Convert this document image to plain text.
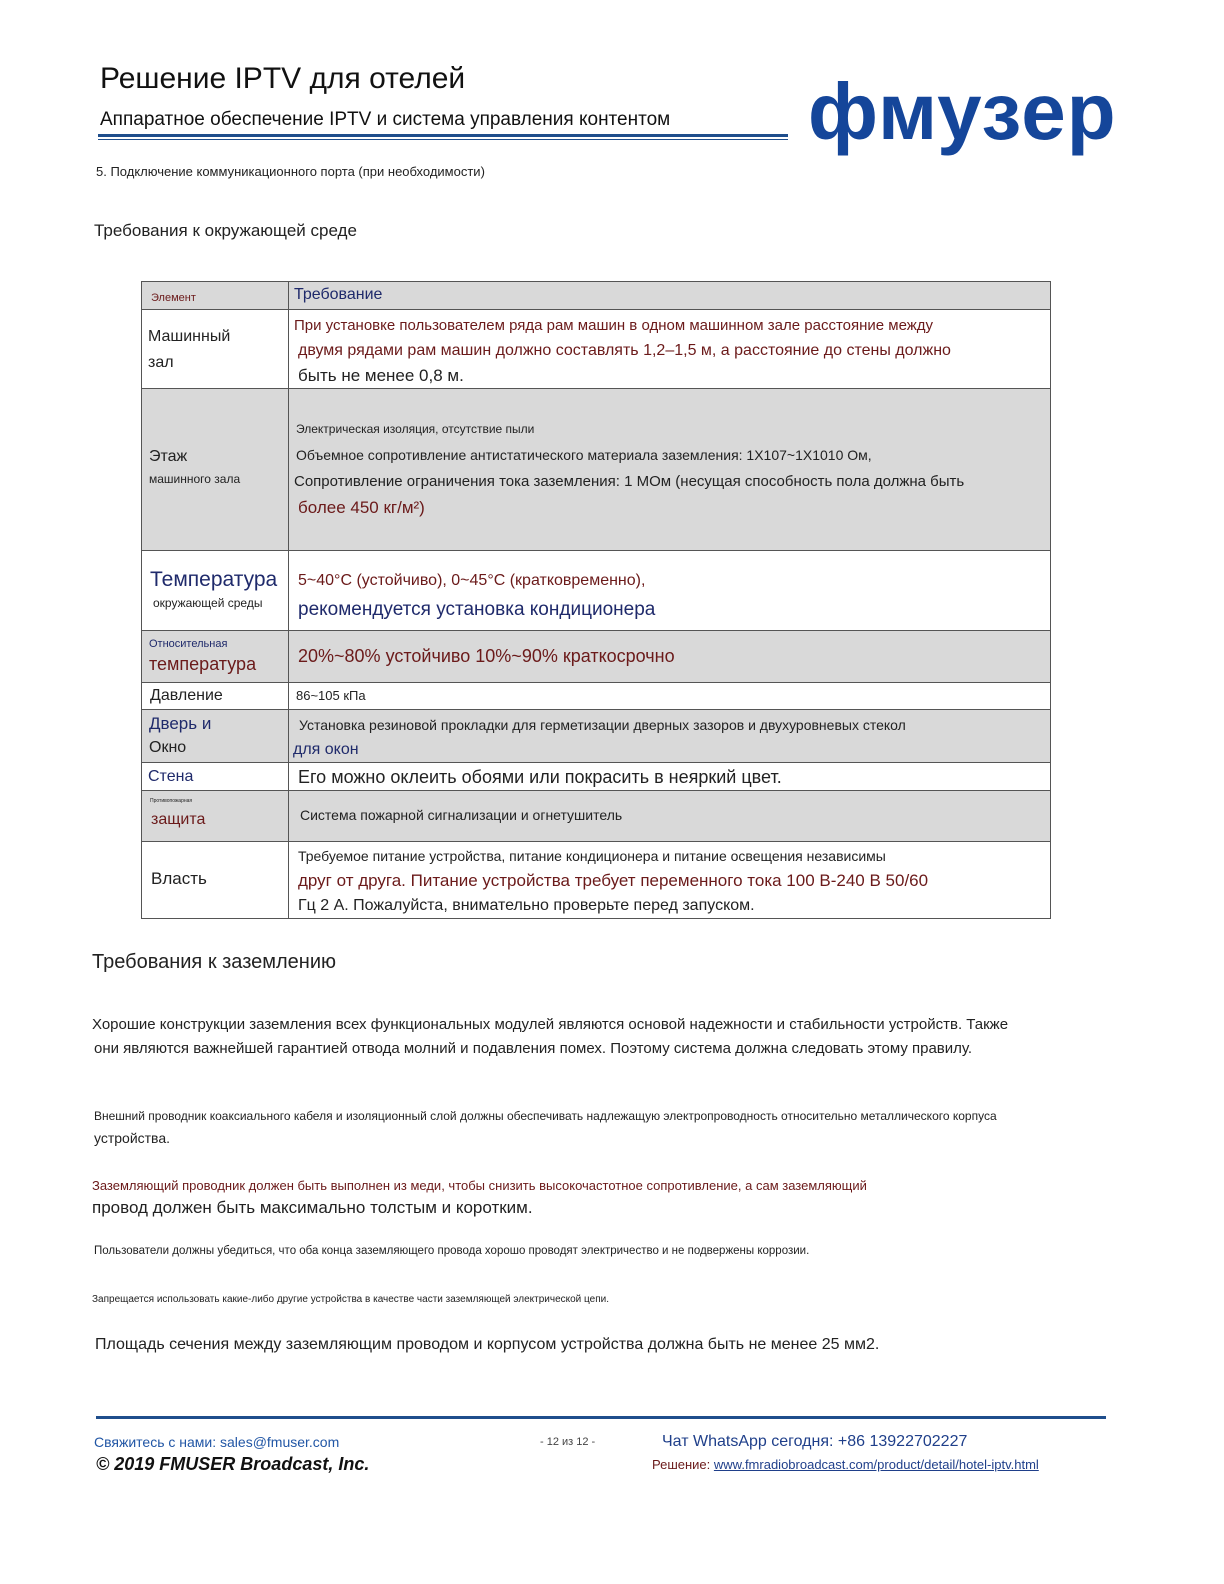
Решение IPTV для отелей
Аппаратное обеспечение IPTV и система управления контентом фмузер
5. Подключение коммуникационного порта (при необходимости)
Требования к окружающей среде
Элемент	Требование

Машинный
зал	При установке пользователем ряда рам машин в одном машинном зале расстояние между
двумя рядами рам машин должно составлять 1,2–1,5 м, а расстояние до стены должно
быть не менее 0,8 м.

Этаж
машинного зала	Электрическая изоляция, отсутствие пыли
Объемное сопротивление антистатического материала заземления: 1X107~1X1010 Ом,
Сопротивление ограничения тока заземления: 1 МОм (несущая способность пола должна быть
более 450 кг/м²)

Температура
окружающей среды	5~40°C (устойчиво), 0~45°C (кратковременно),
рекомендуется установка кондиционера

Относительная
температура	20%~80% устойчиво 10%~90% краткосрочно

Давление	86~105 кПа

Дверь и
Окно	Установка резиновой прокладки для герметизации дверных зазоров и двухуровневых стекол
для окон

Стена	Его можно оклеить обоями или покрасить в неяркий цвет.

Противопожарная
защита	Система пожарной сигнализации и огнетушитель

Власть	Требуемое питание устройства, питание кондиционера и питание освещения независимы
друг от друга. Питание устройства требует переменного тока 100 В-240 В 50/60
Гц 2 А. Пожалуйста, внимательно проверьте перед запуском.
Требования к заземлению
Хорошие конструкции заземления всех функциональных модулей являются основой надежности и стабильности устройств. Также
они являются важнейшей гарантией отвода молний и подавления помех. Поэтому система должна следовать этому правилу.
Внешний проводник коаксиального кабеля и изоляционный слой должны обеспечивать надлежащую электропроводность относительно металлического корпуса
устройства.
Заземляющий проводник должен быть выполнен из меди, чтобы снизить высокочастотное сопротивление, а сам заземляющий
провод должен быть максимально толстым и коротким.
Пользователи должны убедиться, что оба конца заземляющего провода хорошо проводят электричество и не подвержены коррозии.
Запрещается использовать какие-либо другие устройства в качестве части заземляющей электрической цепи.
Площадь сечения между заземляющим проводом и корпусом устройства должна быть не менее 25 мм2.
Свяжитесь с нами: sales@fmuser.com
© 2019 FMUSER Broadcast, Inc.
- 12 из 12 -	Чат WhatsApp сегодня: +86 13922702227
Решение: www.fmradiobroadcast.com/product/detail/hotel-iptv.html
